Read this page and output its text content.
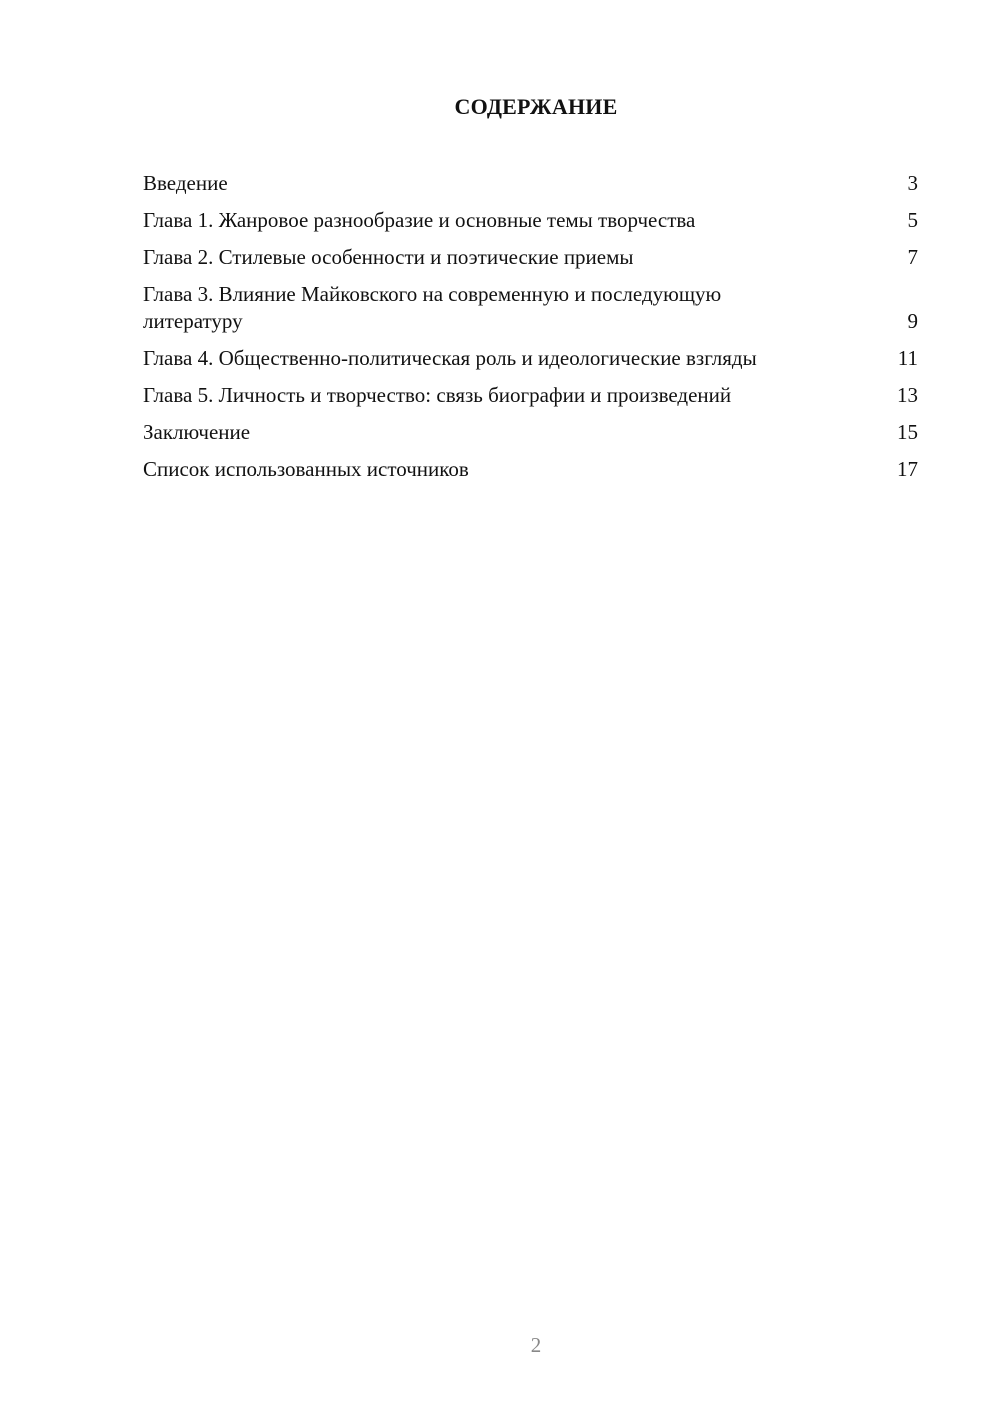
СОДЕРЖАНИЕ
Введение	3
Глава 1. Жанровое разнообразие и основные темы творчества	5
Глава 2. Стилевые особенности и поэтические приемы	7
Глава 3. Влияние Майковского на современную и последующую литературу	9
Глава 4. Общественно-политическая роль и идеологические взгляды	11
Глава 5. Личность и творчество: связь биографии и произведений	13
Заключение	15
Список использованных источников	17
2
